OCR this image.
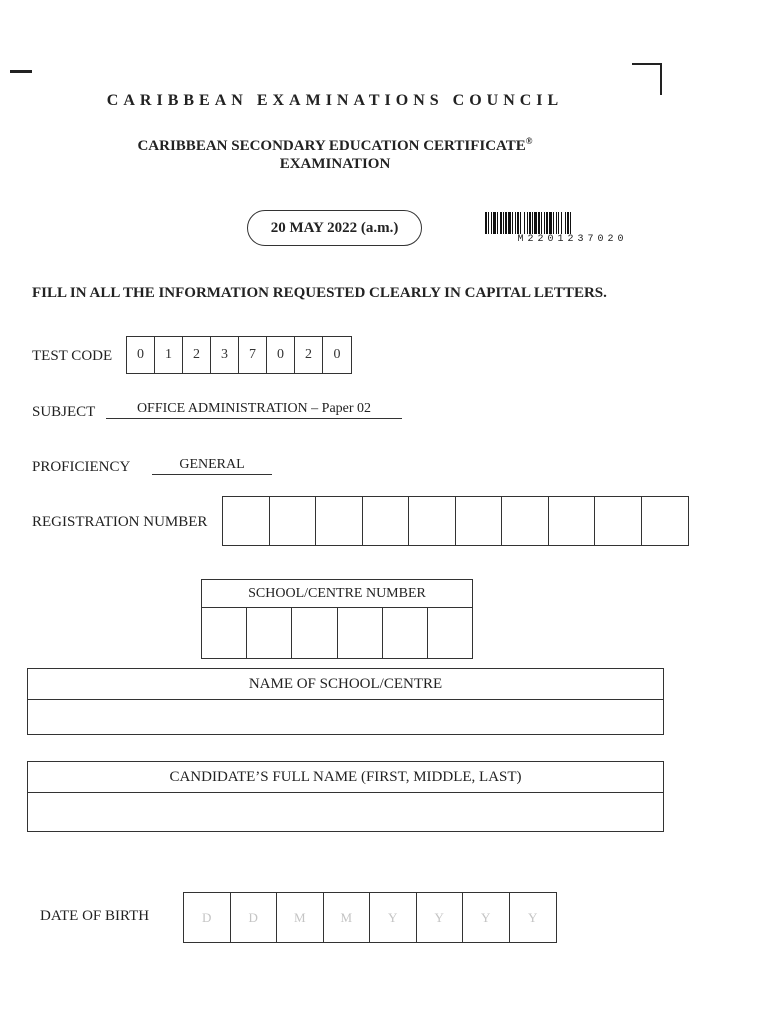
CARIBBEAN EXAMINATIONS COUNCIL
CARIBBEAN SECONDARY EDUCATION CERTIFICATE®
EXAMINATION
20 MAY 2022 (a.m.)
M2201237020
FILL IN ALL THE INFORMATION REQUESTED CLEARLY IN CAPITAL LETTERS.
TEST CODE	0	1	2	3	7	0	2	0
SUBJECT	OFFICE ADMINISTRATION – Paper 02
PROFICIENCY	GENERAL
REGISTRATION NUMBER
SCHOOL/CENTRE NUMBER
NAME OF SCHOOL/CENTRE
CANDIDATE’S FULL NAME (FIRST, MIDDLE, LAST)
DATE OF BIRTH	D	D	M	M	Y	Y	Y	Y
